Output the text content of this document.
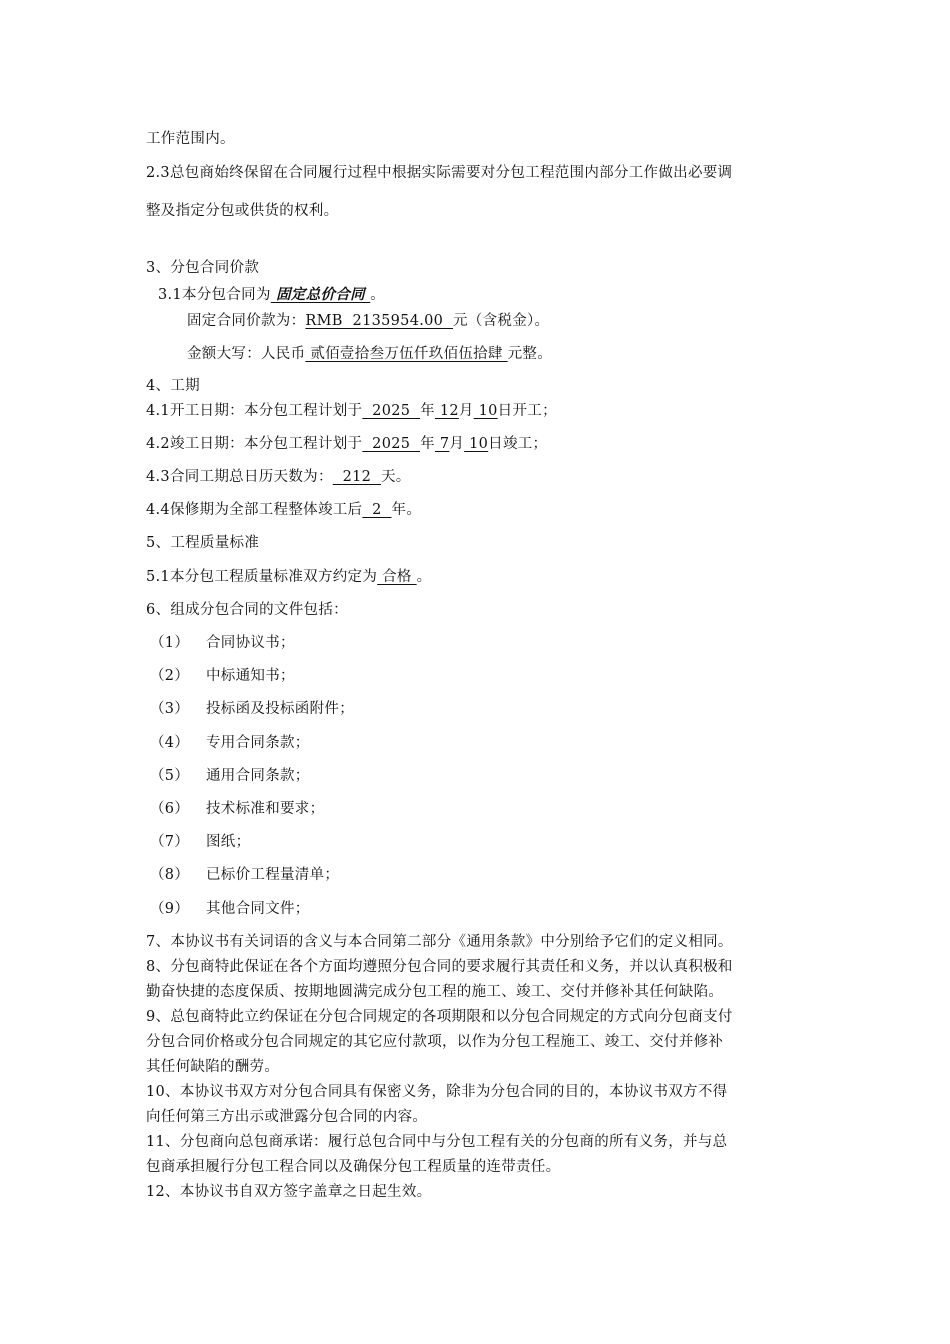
工作范围内。
2.3总包商始终保留在合同履行过程中根据实际需要对分包工程范围内部分工作做出必要调
整及指定分包或供货的权利。
3、分包合同价款
3.1本分包合同为 固定总价合同 。
固定合同价款为：RMB  2135954.00  元（含税金）。
金额大写：人民币 贰佰壹拾叁万伍仟玖佰伍拾肆 元整。
4、工期
4.1开工日期：本分包工程计划于  2025  年 12月 10日开工；
4.2竣工日期：本分包工程计划于  2025  年 7月 10日竣工；
4.3合同工期总日历天数为：  212  天。
4.4保修期为全部工程整体竣工后  2  年。
5、工程质量标准
5.1本分包工程质量标准双方约定为 合格 。
6、组成分包合同的文件包括：
（1） 合同协议书；
（2） 中标通知书；
（3） 投标函及投标函附件；
（4） 专用合同条款；
（5） 通用合同条款；
（6） 技术标准和要求；
（7） 图纸；
（8） 已标价工程量清单；
（9） 其他合同文件；
7、本协议书有关词语的含义与本合同第二部分《通用条款》中分别给予它们的定义相同。
8、分包商特此保证在各个方面均遵照分包合同的要求履行其责任和义务，并以认真积极和
勤奋快捷的态度保质、按期地圆满完成分包工程的施工、竣工、交付并修补其任何缺陷。
9、总包商特此立约保证在分包合同规定的各项期限和以分包合同规定的方式向分包商支付
分包合同价格或分包合同规定的其它应付款项，以作为分包工程施工、竣工、交付并修补
其任何缺陷的酬劳。
10、本协议书双方对分包合同具有保密义务，除非为分包合同的目的，本协议书双方不得
向任何第三方出示或泄露分包合同的内容。
11、分包商向总包商承诺：履行总包合同中与分包工程有关的分包商的所有义务，并与总
包商承担履行分包工程合同以及确保分包工程质量的连带责任。
12、本协议书自双方签字盖章之日起生效。
